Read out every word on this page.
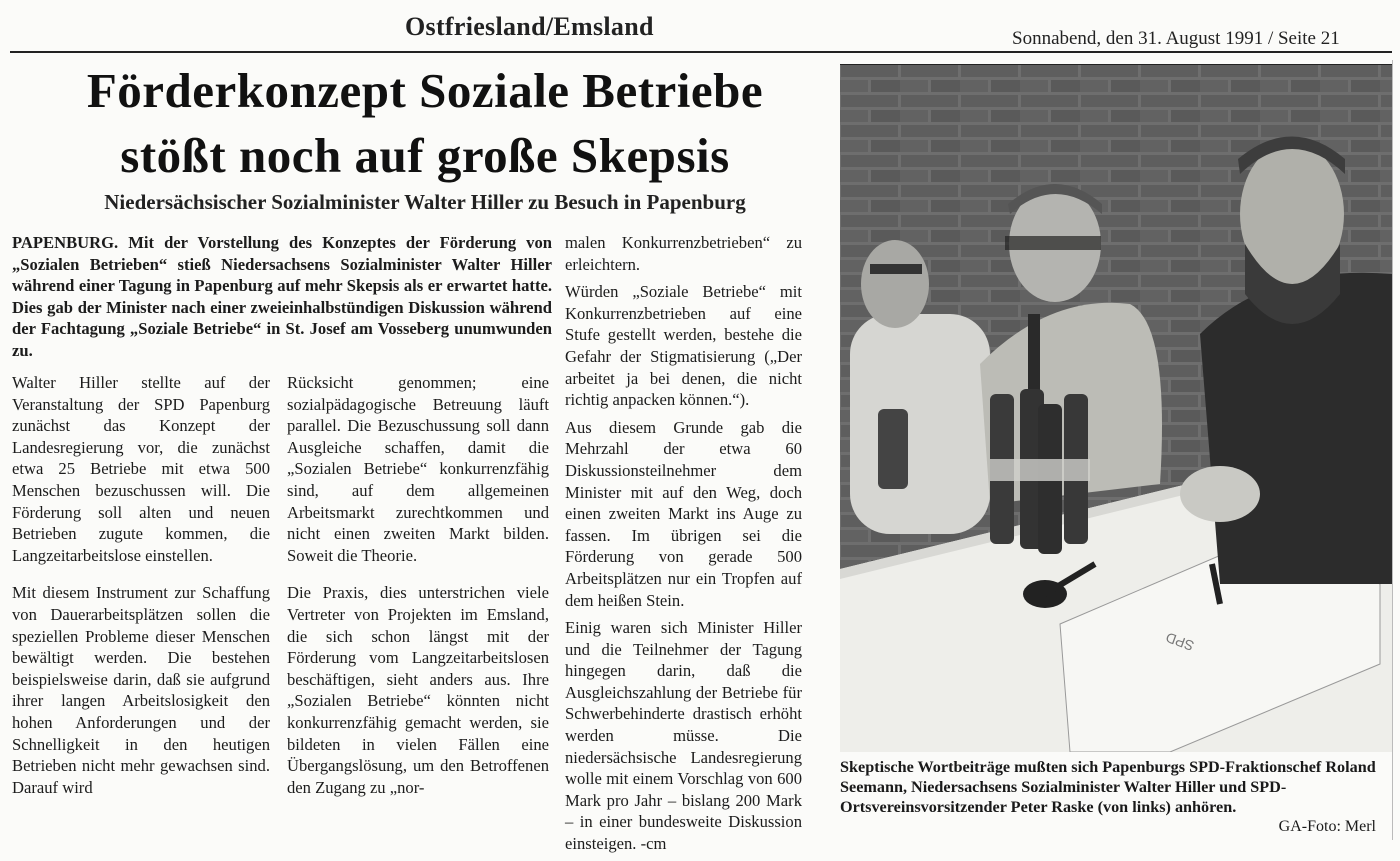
Ostfriesland/Emsland	Sonnabend, den 31. August 1991 / Seite 21
Förderkonzept Soziale Betriebe
stößt noch auf große Skepsis
Niedersächsischer Sozialminister Walter Hiller zu Besuch in Papenburg
PAPENBURG. Mit der Vorstellung des Konzeptes der Förderung von „Sozialen Betrieben“ stieß Niedersachsens Sozialminister Walter Hiller während einer Tagung in Papenburg auf mehr Skepsis als er erwartet hatte. Dies gab der Minister nach einer zweieinhalbstündigen Diskussion während der Fachtagung „Soziale Betriebe“ in St. Josef am Vosseberg unumwunden zu.

Walter Hiller stellte auf der Veranstaltung der SPD Papenburg zunächst das Konzept der Landesregierung vor, die zunächst etwa 25 Betriebe mit etwa 500 Menschen bezuschussen will. Die Förderung soll alten und neuen Betrieben zugute kommen, die Langzeitarbeitslose einstellen.

Mit diesem Instrument zur Schaffung von Dauerarbeitsplätzen sollen die speziellen Probleme dieser Menschen bewältigt werden. Die bestehen beispielsweise darin, daß sie aufgrund ihrer langen Arbeitslosigkeit den hohen Anforderungen und der Schnelligkeit in den heutigen Betrieben nicht mehr gewachsen sind. Darauf wird

Rücksicht genommen; eine sozialpädagogische Betreuung läuft parallel. Die Bezuschussung soll dann Ausgleiche schaffen, damit die „Sozialen Betriebe“ konkurrenzfähig sind, auf dem allgemeinen Arbeitsmarkt zurechtkommen und nicht einen zweiten Markt bilden. Soweit die Theorie.

Die Praxis, dies unterstrichen viele Vertreter von Projekten im Emsland, die sich schon längst mit der Förderung vom Langzeitarbeitslosen beschäftigen, sieht anders aus. Ihre „Sozialen Betriebe“ könnten nicht konkurrenzfähig gemacht werden, sie bildeten in vielen Fällen eine Übergangslösung, um den Betroffenen den Zugang zu „nor-

malen Konkurrenzbetrieben“ zu erleichtern.

Würden „Soziale Betriebe“ mit Konkurrenzbetrieben auf eine Stufe gestellt werden, bestehe die Gefahr der Stigmatisierung („Der arbeitet ja bei denen, die nicht richtig anpacken können.“).

Aus diesem Grunde gab die Mehrzahl der etwa 60 Diskussionsteilnehmer dem Minister mit auf den Weg, doch einen zweiten Markt ins Auge zu fassen. Im übrigen sei die Förderung von gerade 500 Arbeitsplätzen nur ein Tropfen auf dem heißen Stein.

Einig waren sich Minister Hiller und die Teilnehmer der Tagung hingegen darin, daß die Ausgleichszahlung der Betriebe für Schwerbehinderte drastisch erhöht werden müsse. Die niedersächsische Landesregierung wolle mit einem Vorschlag von 600 Mark pro Jahr – bislang 200 Mark – in einer bundesweite Diskussion einsteigen. -cm

SPD
Skeptische Wortbeiträge mußten sich Papenburgs SPD-Fraktionschef Roland Seemann, Niedersachsens Sozialminister Walter Hiller und SPD-Ortsvereinsvorsitzender Peter Raske (von links) anhören.
GA-Foto: Merl
